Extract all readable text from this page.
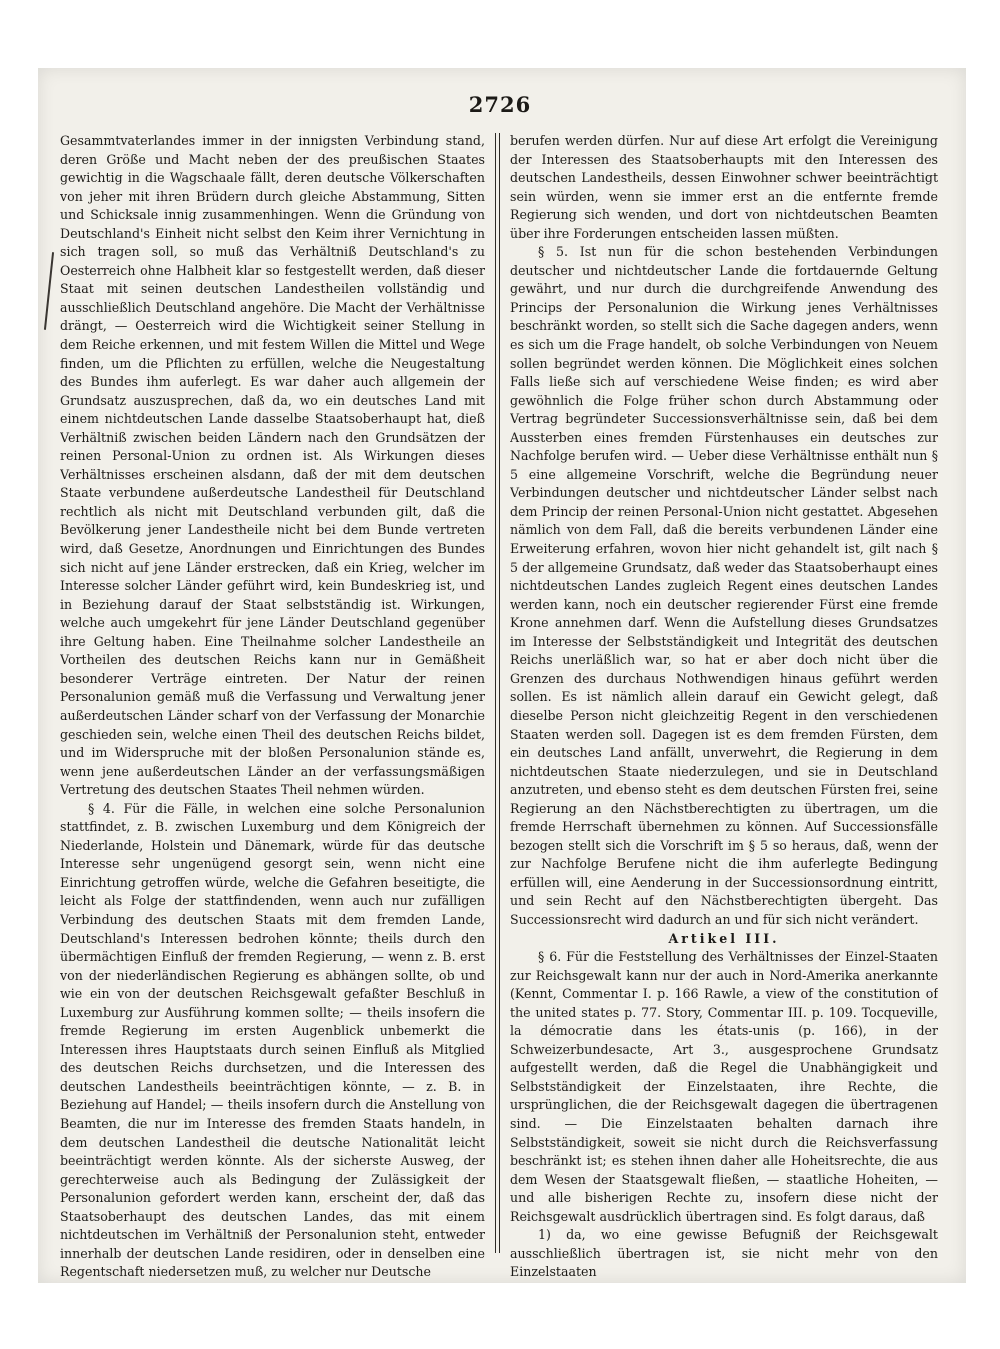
2726

Gesammtvaterlandes immer in der innigsten Verbindung stand, deren Größe und Macht neben der des preußischen Staates gewichtig in die Wagschaale fällt, deren deutsche Völkerschaften von jeher mit ihren Brüdern durch gleiche Abstammung, Sitten und Schicksale innig zusammenhingen. Wenn die Gründung von Deutschland's Einheit nicht selbst den Keim ihrer Vernichtung in sich tragen soll, so muß das Verhältniß Deutschland's zu Oesterreich ohne Halbheit klar so festgestellt werden, daß dieser Staat mit seinen deutschen Landestheilen vollständig und ausschließlich Deutschland angehöre. Die Macht der Verhältnisse drängt, — Oesterreich wird die Wichtigkeit seiner Stellung in dem Reiche erkennen, und mit festem Willen die Mittel und Wege finden, um die Pflichten zu erfüllen, welche die Neugestaltung des Bundes ihm auferlegt. Es war daher auch allgemein der Grundsatz auszusprechen, daß da, wo ein deutsches Land mit einem nichtdeutschen Lande dasselbe Staatsoberhaupt hat, dieß Verhältniß zwischen beiden Ländern nach den Grundsätzen der reinen Personal-Union zu ordnen ist. Als Wirkungen dieses Verhältnisses erscheinen alsdann, daß der mit dem deutschen Staate verbundene außerdeutsche Landestheil für Deutschland rechtlich als nicht mit Deutschland verbunden gilt, daß die Bevölkerung jener Landestheile nicht bei dem Bunde vertreten wird, daß Gesetze, Anordnungen und Einrichtungen des Bundes sich nicht auf jene Länder erstrecken, daß ein Krieg, welcher im Interesse solcher Länder geführt wird, kein Bundeskrieg ist, und in Beziehung darauf der Staat selbstständig ist. Wirkungen, welche auch umgekehrt für jene Länder Deutschland gegenüber ihre Geltung haben. Eine Theilnahme solcher Landestheile an Vortheilen des deutschen Reichs kann nur in Gemäßheit besonderer Verträge eintreten. Der Natur der reinen Personalunion gemäß muß die Verfassung und Verwaltung jener außerdeutschen Länder scharf von der Verfassung der Monarchie geschieden sein, welche einen Theil des deutschen Reichs bildet, und im Widerspruche mit der bloßen Personalunion stände es, wenn jene außerdeutschen Länder an der verfassungsmäßigen Vertretung des deutschen Staates Theil nehmen würden.

§ 4. Für die Fälle, in welchen eine solche Personalunion stattfindet, z. B. zwischen Luxemburg und dem Königreich der Niederlande, Holstein und Dänemark, würde für das deutsche Interesse sehr ungenügend gesorgt sein, wenn nicht eine Einrichtung getroffen würde, welche die Gefahren beseitigte, die leicht als Folge der stattfindenden, wenn auch nur zufälligen Verbindung des deutschen Staats mit dem fremden Lande, Deutschland's Interessen bedrohen könnte; theils durch den übermächtigen Einfluß der fremden Regierung, — wenn z. B. erst von der niederländischen Regierung es abhängen sollte, ob und wie ein von der deutschen Reichsgewalt gefaßter Beschluß in Luxemburg zur Ausführung kommen sollte; — theils insofern die fremde Regierung im ersten Augenblick unbemerkt die Interessen ihres Hauptstaats durch seinen Einfluß als Mitglied des deutschen Reichs durchsetzen, und die Interessen des deutschen Landestheils beeinträchtigen könnte, — z. B. in Beziehung auf Handel; — theils insofern durch die Anstellung von Beamten, die nur im Interesse des fremden Staats handeln, in dem deutschen Landestheil die deutsche Nationalität leicht beeinträchtigt werden könnte. Als der sicherste Ausweg, der gerechterweise auch als Bedingung der Zulässigkeit der Personalunion gefordert werden kann, erscheint der, daß das Staatsoberhaupt des deutschen Landes, das mit einem nichtdeutschen im Verhältniß der Personalunion steht, entweder innerhalb der deutschen Lande residiren, oder in denselben eine Regentschaft niedersetzen muß, zu welcher nur Deutsche

berufen werden dürfen. Nur auf diese Art erfolgt die Vereinigung der Interessen des Staatsoberhaupts mit den Interessen des deutschen Landestheils, dessen Einwohner schwer beeinträchtigt sein würden, wenn sie immer erst an die entfernte fremde Regierung sich wenden, und dort von nichtdeutschen Beamten über ihre Forderungen entscheiden lassen müßten.

§ 5. Ist nun für die schon bestehenden Verbindungen deutscher und nichtdeutscher Lande die fortdauernde Geltung gewährt, und nur durch die durchgreifende Anwendung des Princips der Personalunion die Wirkung jenes Verhältnisses beschränkt worden, so stellt sich die Sache dagegen anders, wenn es sich um die Frage handelt, ob solche Verbindungen von Neuem sollen begründet werden können. Die Möglichkeit eines solchen Falls ließe sich auf verschiedene Weise finden; es wird aber gewöhnlich die Folge früher schon durch Abstammung oder Vertrag begründeter Successionsverhältnisse sein, daß bei dem Aussterben eines fremden Fürstenhauses ein deutsches zur Nachfolge berufen wird. — Ueber diese Verhältnisse enthält nun § 5 eine allgemeine Vorschrift, welche die Begründung neuer Verbindungen deutscher und nichtdeutscher Länder selbst nach dem Princip der reinen Personal-Union nicht gestattet. Abgesehen nämlich von dem Fall, daß die bereits verbundenen Länder eine Erweiterung erfahren, wovon hier nicht gehandelt ist, gilt nach § 5 der allgemeine Grundsatz, daß weder das Staatsoberhaupt eines nichtdeutschen Landes zugleich Regent eines deutschen Landes werden kann, noch ein deutscher regierender Fürst eine fremde Krone annehmen darf. Wenn die Aufstellung dieses Grundsatzes im Interesse der Selbstständigkeit und Integrität des deutschen Reichs unerläßlich war, so hat er aber doch nicht über die Grenzen des durchaus Nothwendigen hinaus geführt werden sollen. Es ist nämlich allein darauf ein Gewicht gelegt, daß dieselbe Person nicht gleichzeitig Regent in den verschiedenen Staaten werden soll. Dagegen ist es dem fremden Fürsten, dem ein deutsches Land anfällt, unverwehrt, die Regierung in dem nichtdeutschen Staate niederzulegen, und sie in Deutschland anzutreten, und ebenso steht es dem deutschen Fürsten frei, seine Regierung an den Nächstberechtigten zu übertragen, um die fremde Herrschaft übernehmen zu können. Auf Successionsfälle bezogen stellt sich die Vorschrift im § 5 so heraus, daß, wenn der zur Nachfolge Berufene nicht die ihm auferlegte Bedingung erfüllen will, eine Aenderung in der Successionsordnung eintritt, und sein Recht auf den Nächstberechtigten übergeht. Das Successionsrecht wird dadurch an und für sich nicht verändert.

Artikel III.

§ 6. Für die Feststellung des Verhältnisses der Einzel-Staaten zur Reichsgewalt kann nur der auch in Nord-Amerika anerkannte (Kennt, Commentar I. p. 166 Rawle, a view of the constitution of the united states p. 77. Story, Commentar III. p. 109. Tocqueville, la démocratie dans les états-unis (p. 166), in der Schweizerbundesacte, Art 3., ausgesprochene Grundsatz aufgestellt werden, daß die Regel die Unabhängigkeit und Selbstständigkeit der Einzelstaaten, ihre Rechte, die ursprünglichen, die der Reichsgewalt dagegen die übertragenen sind. — Die Einzelstaaten behalten darnach ihre Selbstständigkeit, soweit sie nicht durch die Reichsverfassung beschränkt ist; es stehen ihnen daher alle Hoheitsrechte, die aus dem Wesen der Staatsgewalt fließen, — staatliche Hoheiten, — und alle bisherigen Rechte zu, insofern diese nicht der Reichsgewalt ausdrücklich übertragen sind. Es folgt daraus, daß

1) da, wo eine gewisse Befugniß der Reichsgewalt ausschließlich übertragen ist, sie nicht mehr von den Einzelstaaten
